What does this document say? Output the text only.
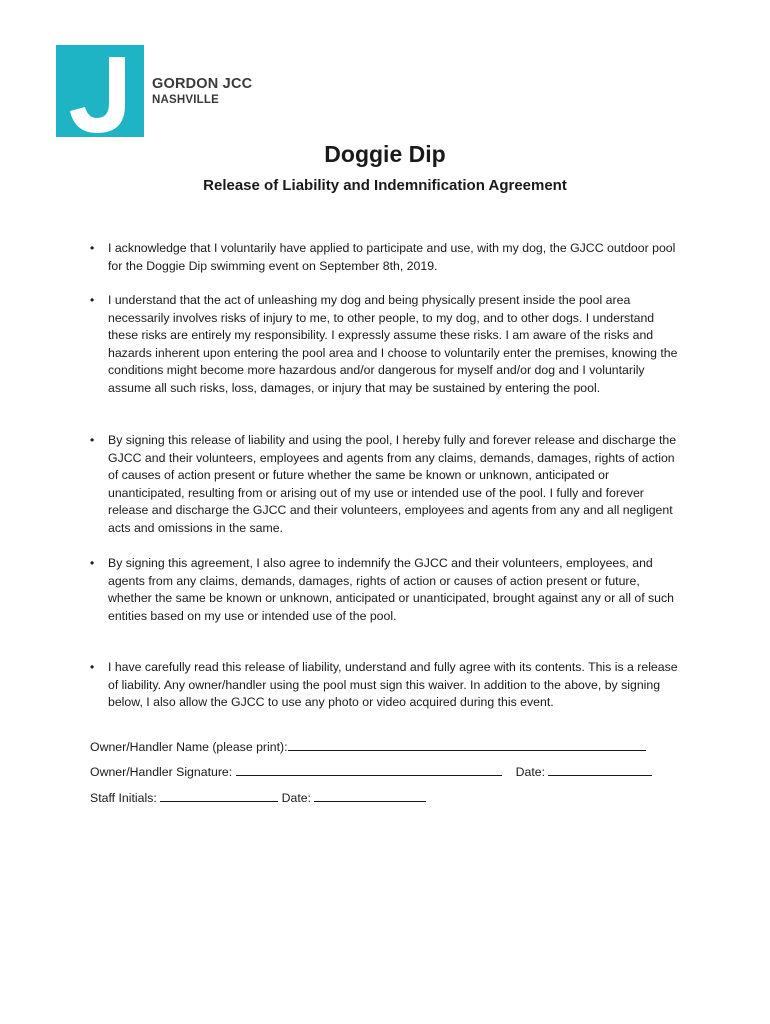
GORDON JCC
NASHVILLE
Doggie Dip
Release of Liability and Indemnification Agreement
• I acknowledge that I voluntarily have applied to participate and use, with my dog, the GJCC outdoor pool for the Doggie Dip swimming event on September 8th, 2019.
• I understand that the act of unleashing my dog and being physically present inside the pool area necessarily involves risks of injury to me, to other people, to my dog, and to other dogs. I understand these risks are entirely my responsibility. I expressly assume these risks. I am aware of the risks and hazards inherent upon entering the pool area and I choose to voluntarily enter the premises, knowing the conditions might become more hazardous and/or dangerous for myself and/or dog and I voluntarily assume all such risks, loss, damages, or injury that may be sustained by entering the pool.
• By signing this release of liability and using the pool, I hereby fully and forever release and discharge the GJCC and their volunteers, employees and agents from any claims, demands, damages, rights of action of causes of action present or future whether the same be known or unknown, anticipated or unanticipated, resulting from or arising out of my use or intended use of the pool. I fully and forever release and discharge the GJCC and their volunteers, employees and agents from any and all negligent acts and omissions in the same.
• By signing this agreement, I also agree to indemnify the GJCC and their volunteers, employees, and agents from any claims, demands, damages, rights of action or causes of action present or future, whether the same be known or unknown, anticipated or unanticipated, brought against any or all of such entities based on my use or intended use of the pool.
• I have carefully read this release of liability, understand and fully agree with its contents. This is a release of liability. Any owner/handler using the pool must sign this waiver. In addition to the above, by signing below, I also allow the GJCC to use any photo or video acquired during this event.
Owner/Handler Name (please print):
Owner/Handler Signature:	Date:
Staff Initials:	Date:
